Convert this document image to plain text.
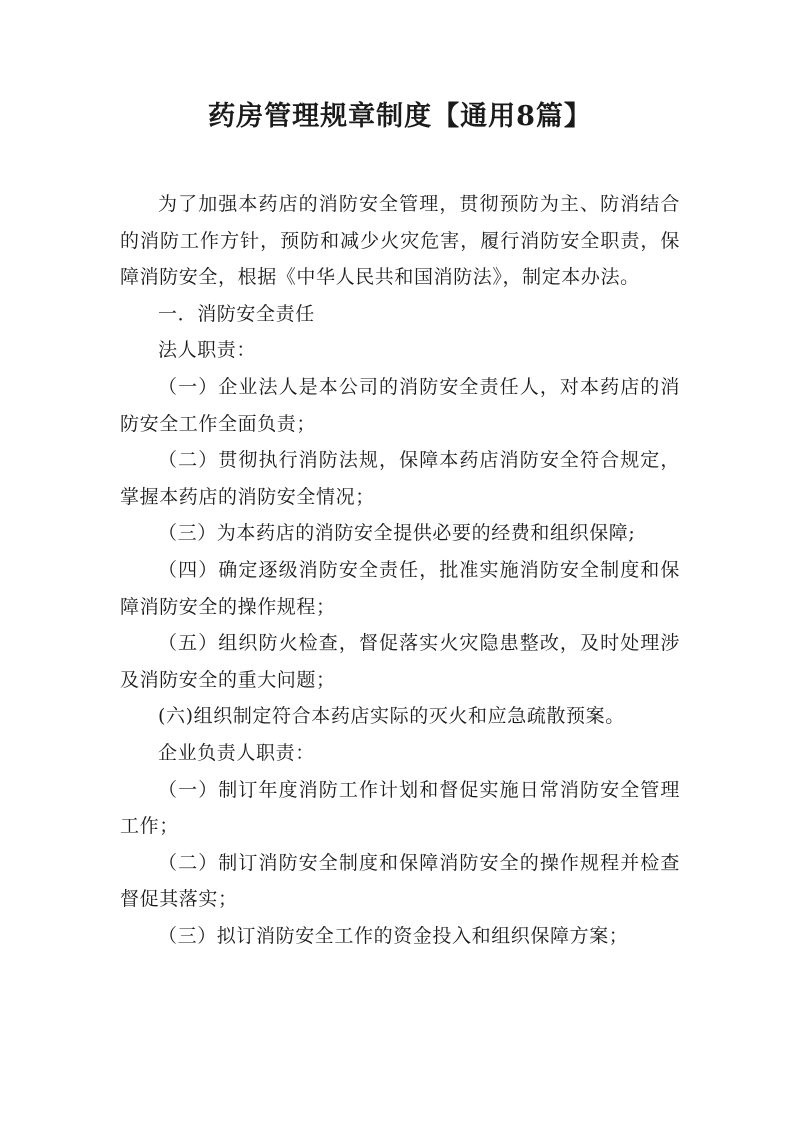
药房管理规章制度【通用8篇】

为了加强本药店的消防安全管理，贯彻预防为主、防消结合的消防工作方针，预防和减少火灾危害，履行消防安全职责，保障消防安全，根据《中华人民共和国消防法》，制定本办法。

一．消防安全责任

法人职责：

（一）企业法人是本公司的消防安全责任人，对本药店的消防安全工作全面负责；

（二）贯彻执行消防法规，保障本药店消防安全符合规定，掌握本药店的消防安全情况；

（三）为本药店的消防安全提供必要的经费和组织保障;

（四）确定逐级消防安全责任，批准实施消防安全制度和保障消防安全的操作规程；

（五）组织防火检查，督促落实火灾隐患整改，及时处理涉及消防安全的重大问题；

(六)组织制定符合本药店实际的灭火和应急疏散预案。

企业负责人职责：

（一）制订年度消防工作计划和督促实施日常消防安全管理工作；

（二）制订消防安全制度和保障消防安全的操作规程并检查督促其落实；

（三）拟订消防安全工作的资金投入和组织保障方案；
